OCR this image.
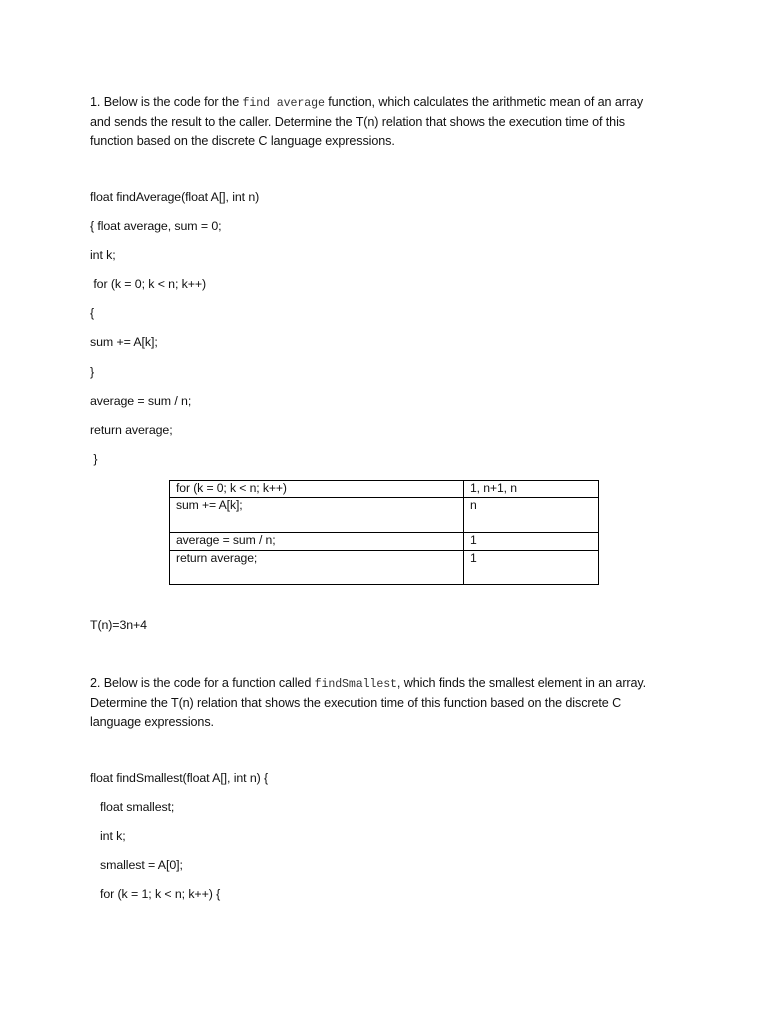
1. Below is the code for the find average function, which calculates the arithmetic mean of an array
and sends the result to the caller. Determine the T(n) relation that shows the execution time of this
function based on the discrete C language expressions.
float findAverage(float A[], int n)
{ float average, sum = 0;
int k;
for (k = 0; k < n; k++)
{
sum += A[k];
}
average = sum / n;
return average;
}
for (k = 0; k < n; k++)	1, n+1, n
sum += A[k];	n
average = sum / n;	1
return average;	1
T(n)=3n+4
2. Below is the code for a function called findSmallest, which finds the smallest element in an array.
Determine the T(n) relation that shows the execution time of this function based on the discrete C
language expressions.
float findSmallest(float A[], int n) {
float smallest;
int k;
smallest = A[0];
for (k = 1; k < n; k++) {
